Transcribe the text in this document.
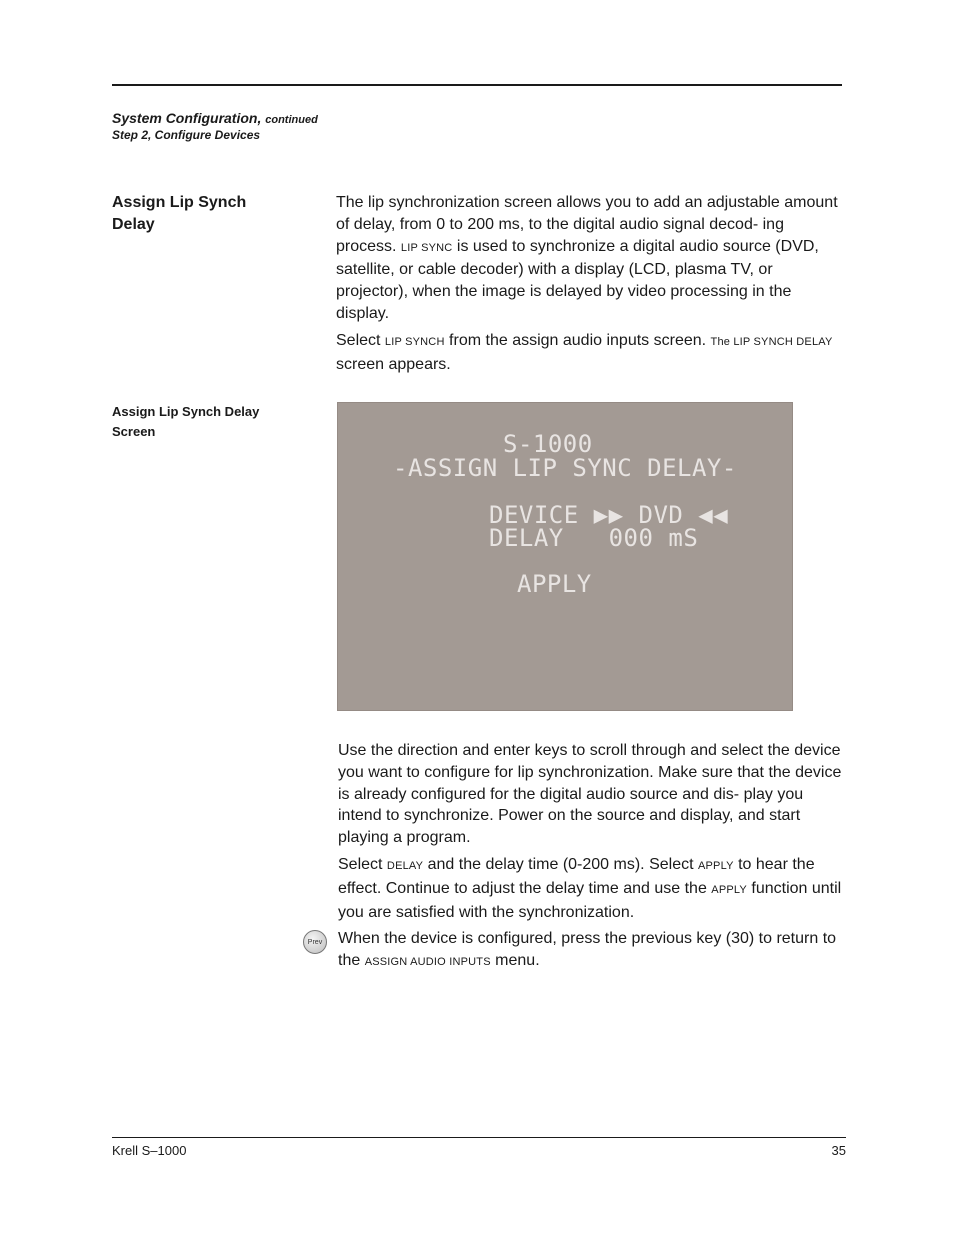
System Configuration, continued
Step 2, Configure Devices
Assign Lip Synch Delay

The lip synchronization screen allows you to add an adjustable amount of delay, from 0 to 200 ms, to the digital audio signal decod- ing process. LIP SYNC is used to synchronize a digital audio source (DVD, satellite, or cable decoder) with a display (LCD, plasma TV, or projector), when the image is delayed by video processing in the display.

Select LIP SYNCH from the assign audio inputs screen. The LIP SYNCH DELAY screen appears.

Assign Lip Synch Delay Screen	S-1000
-ASSIGN LIP SYNC DELAY-
DEVICE ▶▶ DVD ◀◀
DELAY   000 mS
APPLY

Use the direction and enter keys to scroll through and select the device you want to configure for lip synchronization. Make sure that the device is already configured for the digital audio source and dis- play you intend to synchronize. Power on the source and display, and start playing a program.

Select DELAY and the delay time (0-200 ms). Select APPLY to hear the effect. Continue to adjust the delay time and use the APPLY function until you are satisfied with the synchronization.

When the device is configured, press the previous key (30) to return to the ASSIGN AUDIO INPUTS menu.

Prev
Krell S–1000	35
